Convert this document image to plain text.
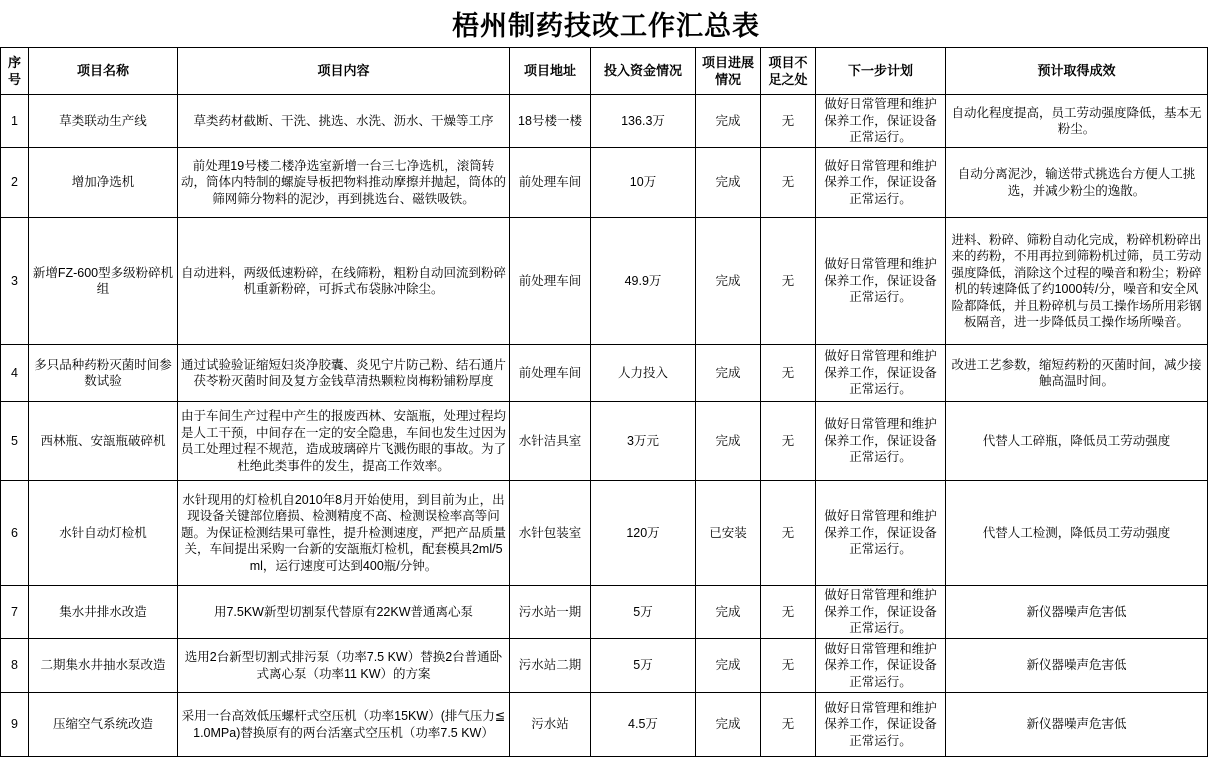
梧州制药技改工作汇总表
序号	项目名称	项目内容	项目地址	投入资金情况	项目进展情况	项目不足之处	下一步计划	预计取得成效
1	草类联动生产线	草类药材截断、干洗、挑选、水洗、沥水、干燥等工序	18号楼一楼	136.3万	完成	无	做好日常管理和维护保养工作，保证设备正常运行。	自动化程度提高，员工劳动强度降低，基本无粉尘。
2	增加净选机	前处理19号楼二楼净选室新增一台三七净选机，滚筒转动，筒体内特制的螺旋导板把物料推动摩擦并抛起，筒体的筛网筛分物料的泥沙，再到挑选台、磁铁吸铁。	前处理车间	10万	完成	无	做好日常管理和维护保养工作，保证设备正常运行。	自动分离泥沙，输送带式挑选台方便人工挑选，并减少粉尘的逸散。
3	新增FZ-600型多级粉碎机组	自动进料，两级低速粉碎，在线筛粉，粗粉自动回流到粉碎机重新粉碎，可拆式布袋脉冲除尘。	前处理车间	49.9万	完成	无	做好日常管理和维护保养工作，保证设备正常运行。	进料、粉碎、筛粉自动化完成，粉碎机粉碎出来的药粉，不用再拉到筛粉机过筛，员工劳动强度降低，消除这个过程的噪音和粉尘；粉碎机的转速降低了约1000转/分，噪音和安全风险都降低，并且粉碎机与员工操作场所用彩钢板隔音，进一步降低员工操作场所噪音。
4	多只品种药粉灭菌时间参数试验	通过试验验证缩短妇炎净胶囊、炎见宁片防己粉、结石通片茯苓粉灭菌时间及复方金钱草清热颗粒岗梅粉铺粉厚度	前处理车间	人力投入	完成	无	做好日常管理和维护保养工作，保证设备正常运行。	改进工艺参数，缩短药粉的灭菌时间，减少接触高温时间。
5	西林瓶、安瓿瓶破碎机	由于车间生产过程中产生的报废西林、安瓿瓶，处理过程均是人工干预，中间存在一定的安全隐患，车间也发生过因为员工处理过程不规范，造成玻璃碎片飞溅伤眼的事故。为了杜绝此类事件的发生，提高工作效率。	水针洁具室	3万元	完成	无	做好日常管理和维护保养工作，保证设备正常运行。	代替人工碎瓶，降低员工劳动强度
6	水针自动灯检机	水针现用的灯检机自2010年8月开始使用，到目前为止，出现设备关键部位磨损、检测精度不高、检测误检率高等问题。为保证检测结果可靠性，提升检测速度，严把产品质量关，车间提出采购一台新的安瓿瓶灯检机，配套模具2ml/5ml，运行速度可达到400瓶/分钟。	水针包装室	120万	已安装	无	做好日常管理和维护保养工作，保证设备正常运行。	代替人工检测，降低员工劳动强度
7	集水井排水改造	用7.5KW新型切割泵代替原有22KW普通离心泵	污水站一期	5万	完成	无	做好日常管理和维护保养工作，保证设备正常运行。	新仪器噪声危害低
8	二期集水井抽水泵改造	选用2台新型切割式排污泵（功率7.5 KW）替换2台普通卧式离心泵（功率11 KW）的方案	污水站二期	5万	完成	无	做好日常管理和维护保养工作，保证设备正常运行。	新仪器噪声危害低
9	压缩空气系统改造	采用一台高效低压螺杆式空压机（功率15KW）(排气压力≦1.0MPa)替换原有的两台活塞式空压机（功率7.5 KW）	污水站	4.5万	完成	无	做好日常管理和维护保养工作，保证设备正常运行。	新仪器噪声危害低
